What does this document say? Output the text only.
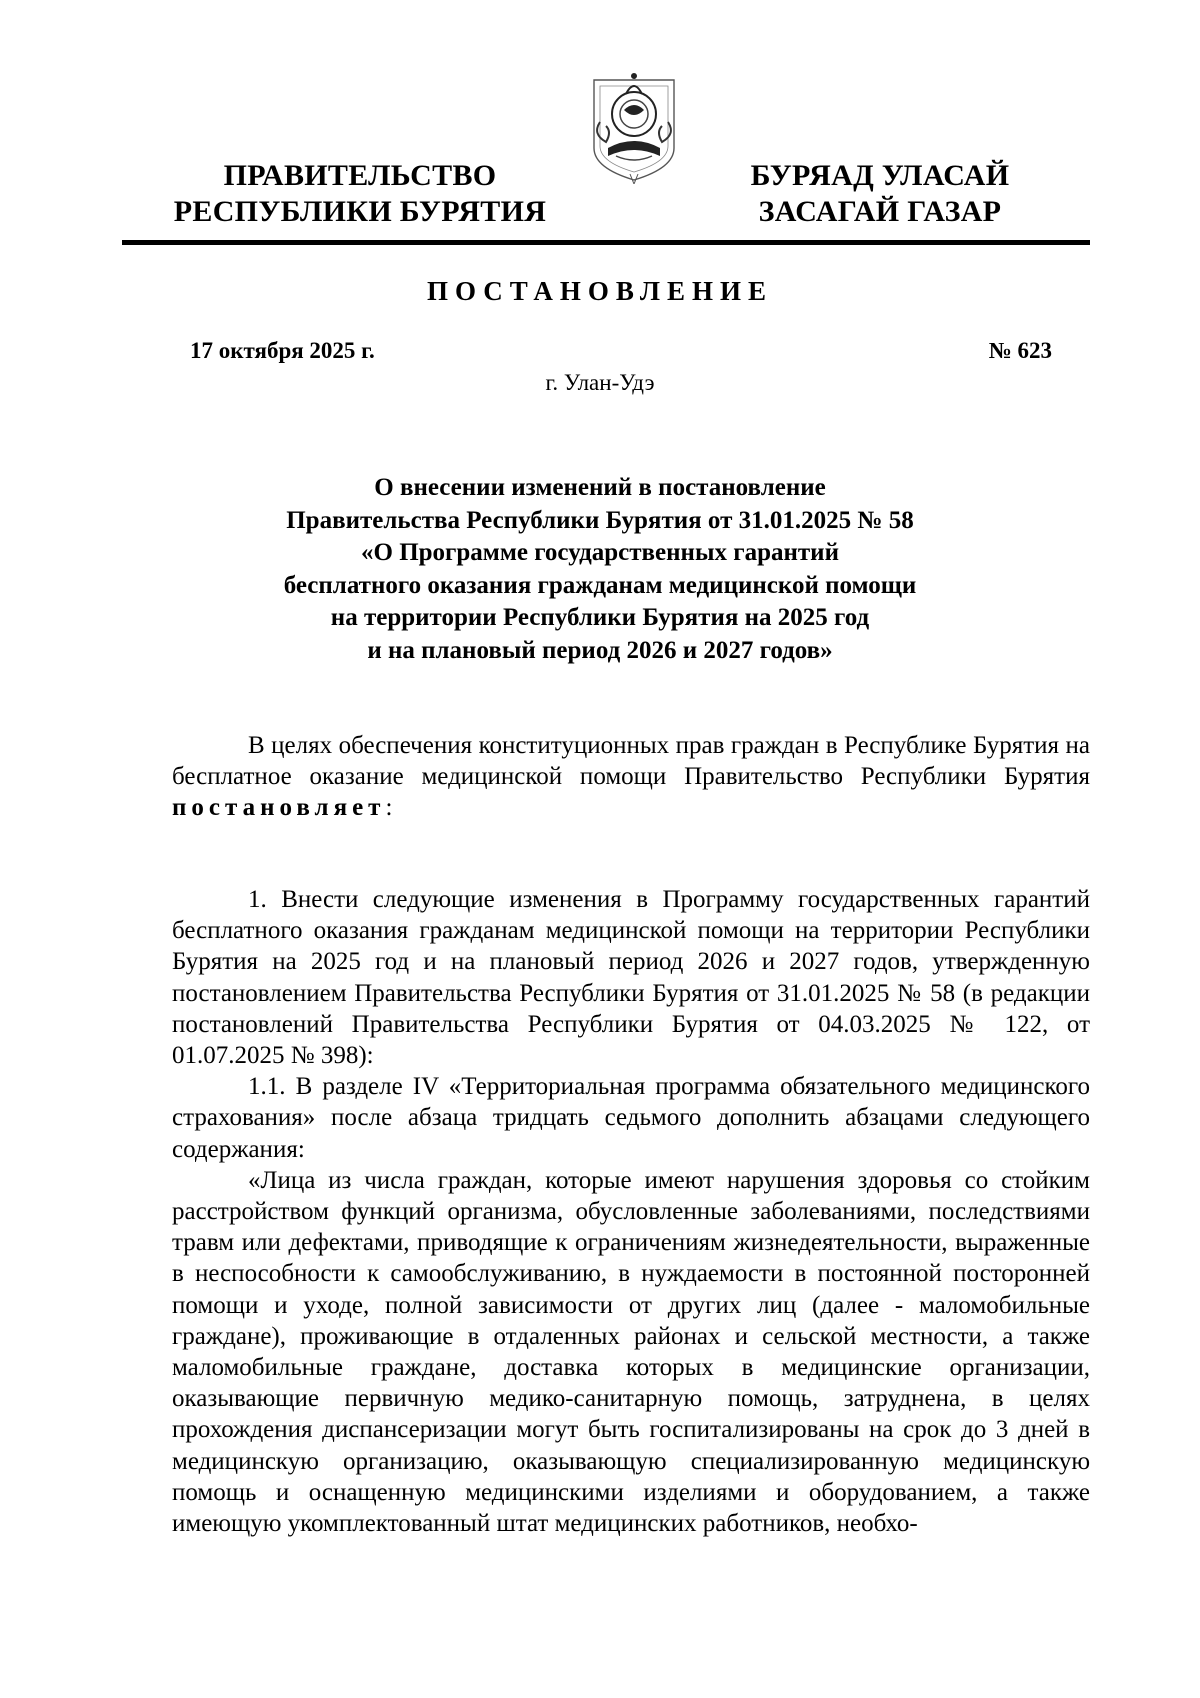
ПРАВИТЕЛЬСТВО
РЕСПУБЛИКИ БУРЯТИЯ
БУРЯАД УЛАСАЙ
ЗАСАГАЙ ГАЗАР
ПОСТАНОВЛЕНИЕ
17 октября 2025 г.	№ 623
г. Улан-Удэ
О внесении изменений в постановление
Правительства Республики Бурятия от 31.01.2025 № 58
«О Программе государственных гарантий
бесплатного оказания гражданам медицинской помощи
на территории Республики Бурятия на 2025 год
и на плановый период 2026 и 2027 годов»

В целях обеспечения конституционных прав граждан в Республике Бурятия на бесплатное оказание медицинской помощи Правительство Республики Бурятия постановляет:

1. Внести следующие изменения в Программу государственных гарантий бесплатного оказания гражданам медицинской помощи на территории Республики Бурятия на 2025 год и на плановый период 2026 и 2027 годов, утвержденную постановлением Правительства Республики Бурятия от 31.01.2025 № 58 (в редакции постановлений Правительства Республики Бурятия от 04.03.2025 № 122, от 01.07.2025 № 398):

1.1. В разделе IV «Территориальная программа обязательного медицинского страхования» после абзаца тридцать седьмого дополнить абзацами следующего содержания:

«Лица из числа граждан, которые имеют нарушения здоровья со стойким расстройством функций организма, обусловленные заболеваниями, последствиями травм или дефектами, приводящие к ограничениям жизнедеятельности, выраженные в неспособности к самообслуживанию, в нуждаемости в постоянной посторонней помощи и уходе, полной зависимости от других лиц (далее - маломобильные граждане), проживающие в отдаленных районах и сельской местности, а также маломобильные граждане, доставка которых в медицинские организации, оказывающие первичную медико-санитарную помощь, затруднена, в целях прохождения диспансеризации могут быть госпитализированы на срок до 3 дней в медицинскую организацию, оказывающую специализированную медицинскую помощь и оснащенную медицинскими изделиями и оборудованием, а также имеющую укомплектованный штат медицинских работников, необхо-
